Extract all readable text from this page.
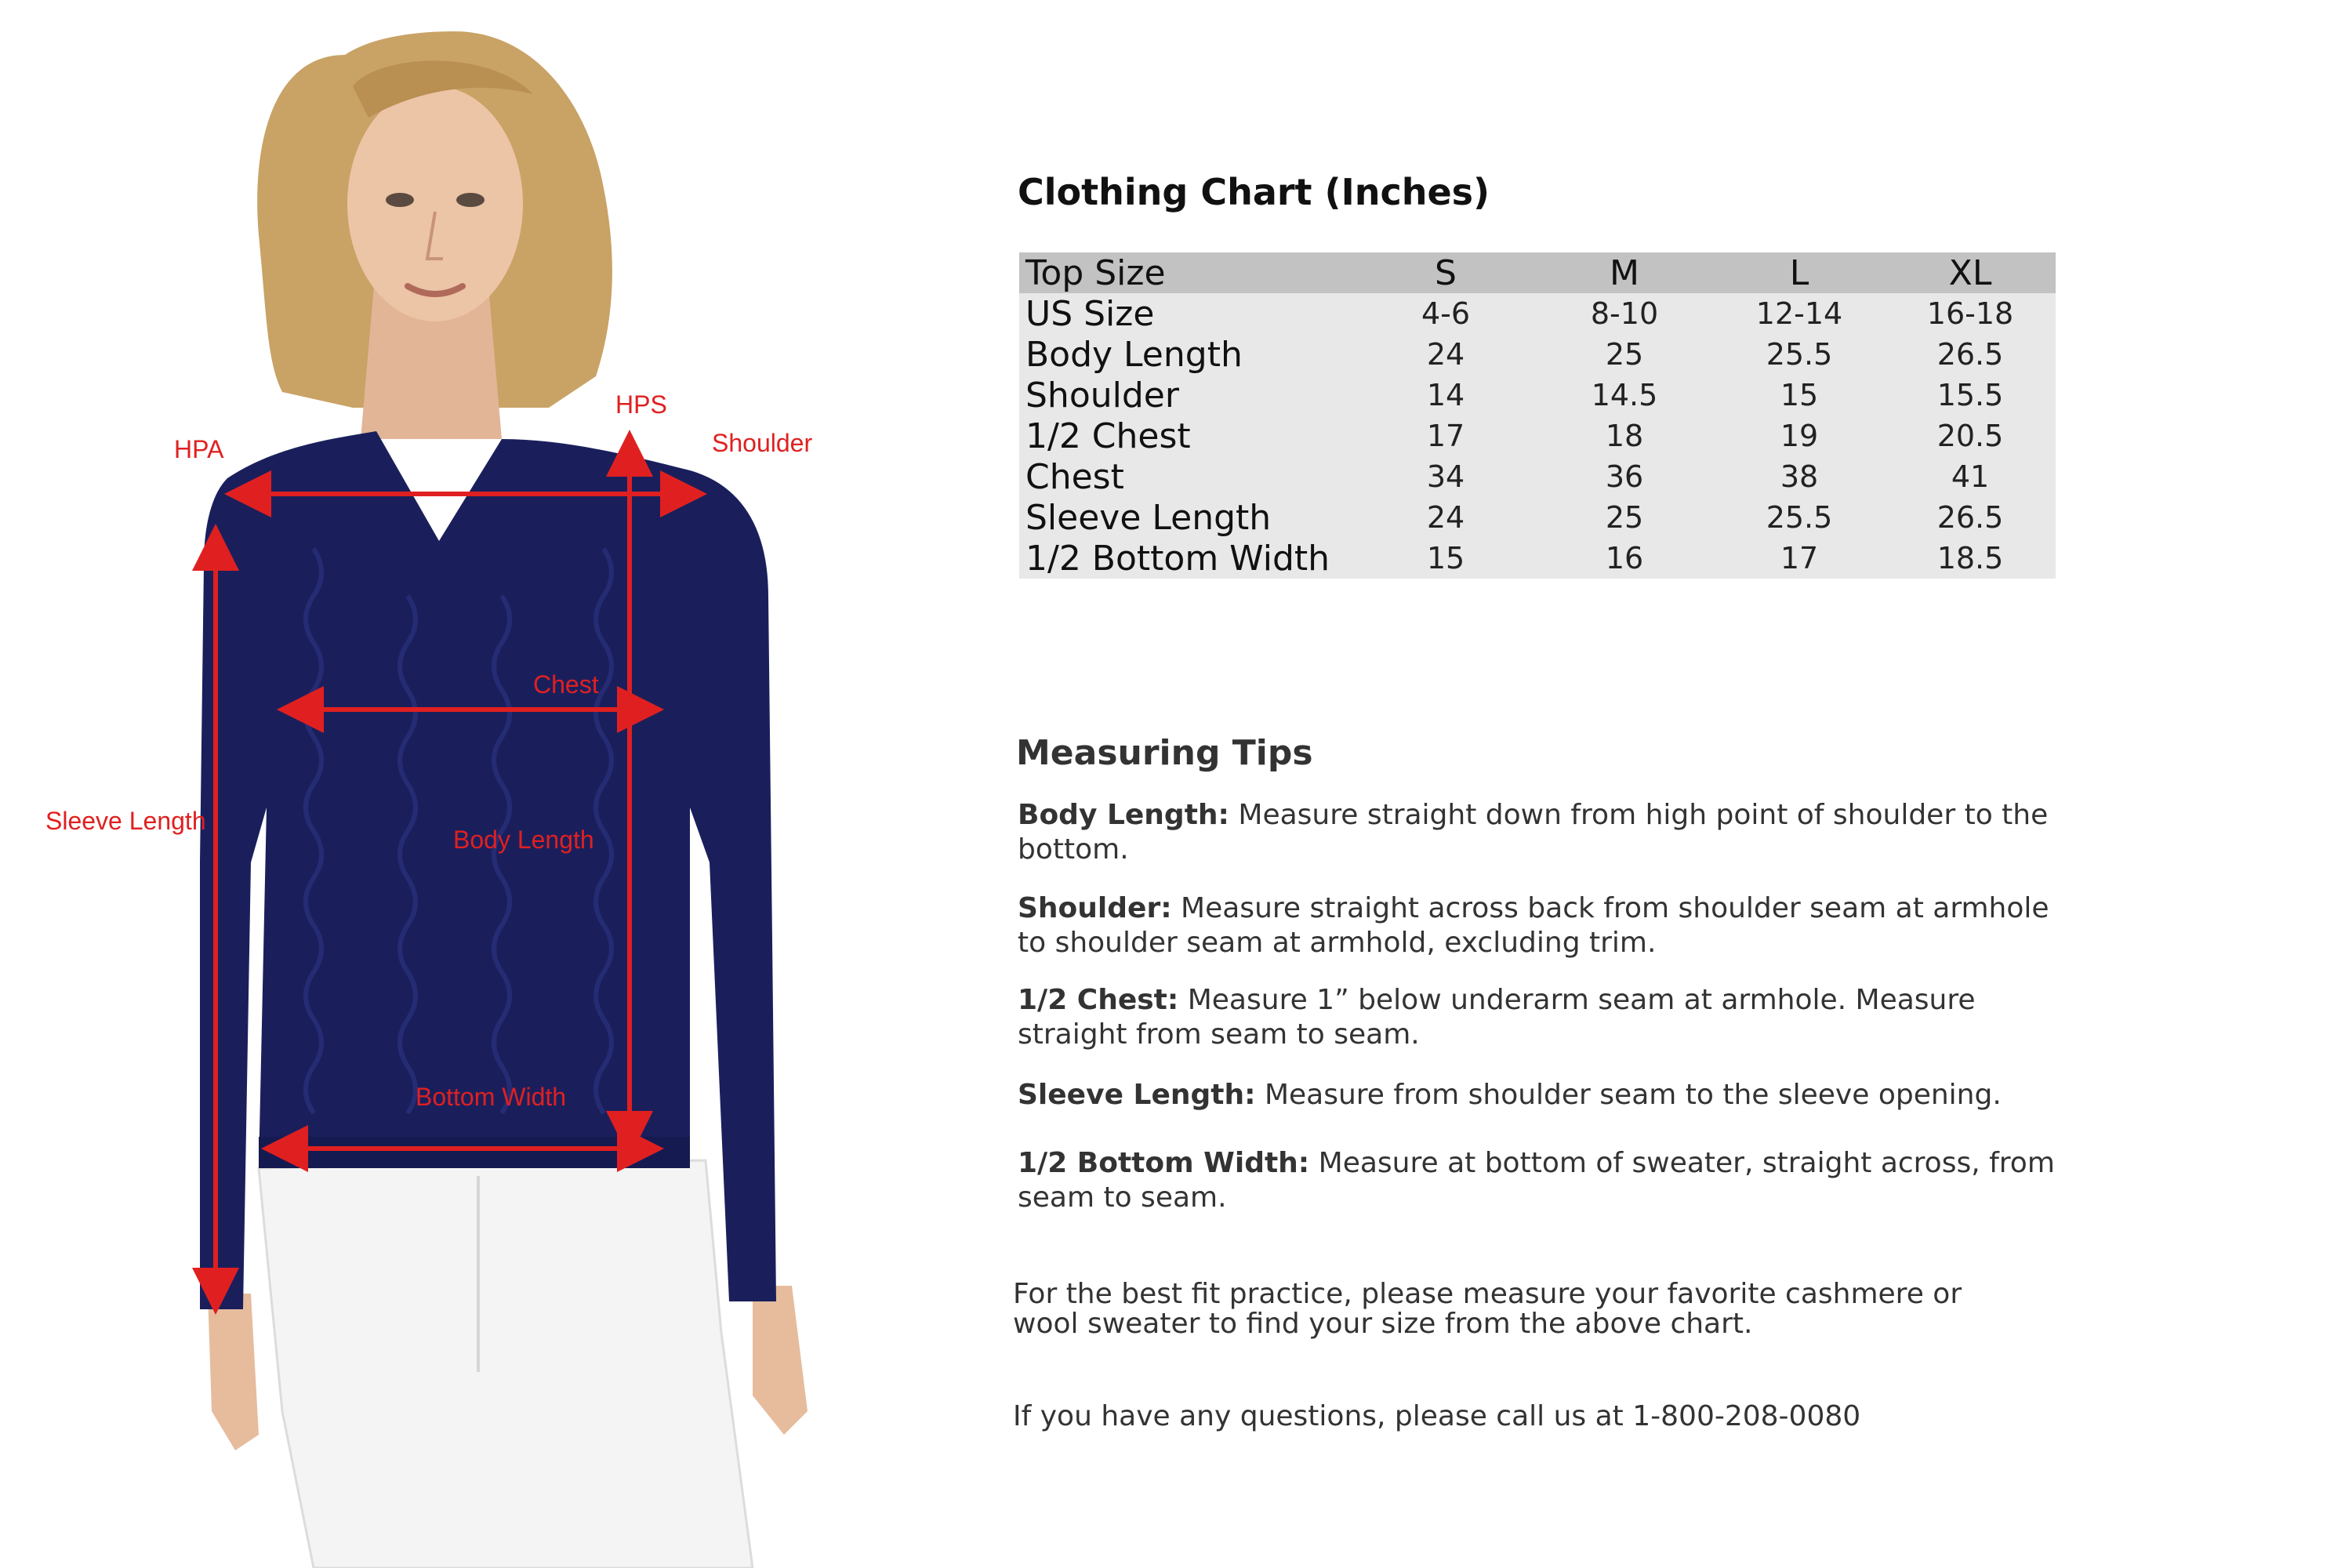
HPA
HPS
Shoulder
Chest
Sleeve Length
Body Length
Bottom Width
Clothing Chart (Inches)
Top Size	S	M	L	XL
US Size	4-6	8-10	12-14	16-18
Body Length	24	25	25.5	26.5
Shoulder	14	14.5	15	15.5
1/2 Chest	17	18	19	20.5
Chest	34	36	38	41
Sleeve Length	24	25	25.5	26.5
1/2 Bottom Width	15	16	17	18.5
Measuring Tips
Body Length: Measure straight down from high point of shoulder to the bottom.
Shoulder: Measure straight across back from shoulder seam at armhole to shoulder seam at armhold, excluding trim.
1/2 Chest: Measure 1” below underarm seam at armhole. Measure straight from seam to seam.
Sleeve Length: Measure from shoulder seam to the sleeve opening.
1/2 Bottom Width: Measure at bottom of sweater, straight across, from seam to seam.
For the best fit practice, please measure your favorite cashmere or wool sweater to find your size from the above chart.
If you have any questions, please call us at 1-800-208-0080
